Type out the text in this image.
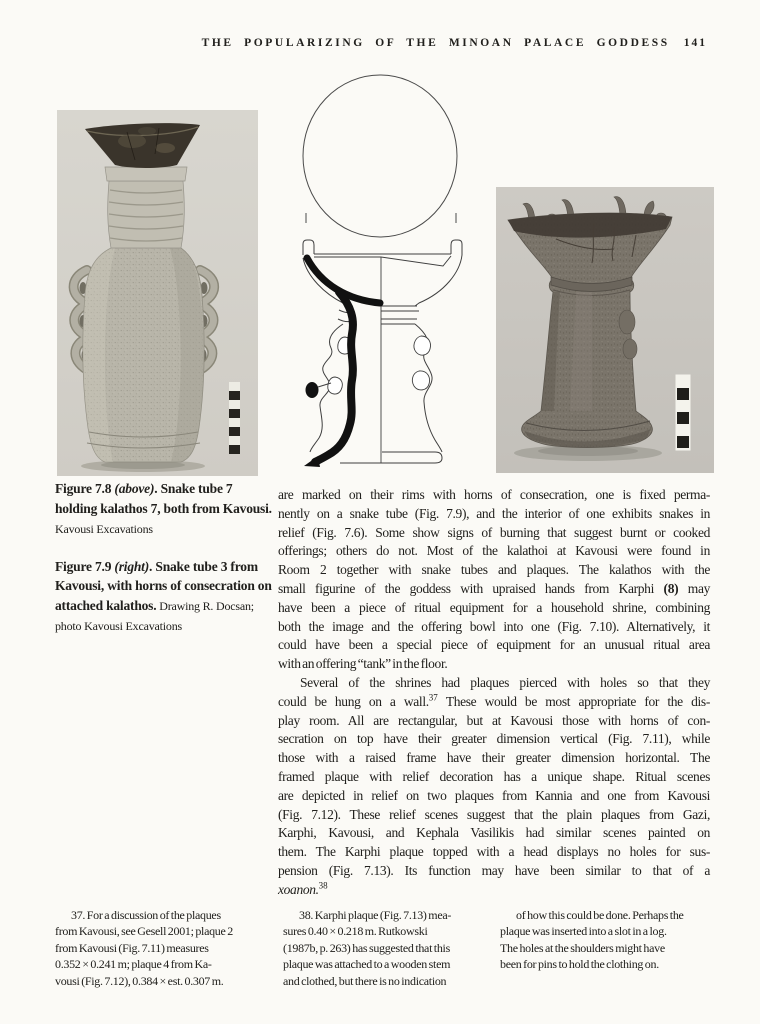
THE POPULARIZING OF THE MINOAN PALACE GODDESS 141

Figure 7.8 (above). Snake tube 7 holding kalathos 7, both from Kavousi. Kavousi Excavations

Figure 7.9 (right). Snake tube 3 from Kavousi, with horns of consecration on attached kalathos. Drawing R. Docsan; photo Kavousi Excavations

are marked on their rims with horns of consecration, one is fixed perma-
nently on a snake tube (Fig. 7.9), and the interior of one exhibits snakes in
relief (Fig. 7.6). Some show signs of burning that suggest burnt or cooked
offerings; others do not. Most of the kalathoi at Kavousi were found in
Room 2 together with snake tubes and plaques. The kalathos with the
small figurine of the goddess with upraised hands from Karphi (8) may
have been a piece of ritual equipment for a household shrine, combining
both the image and the offering bowl into one (Fig. 7.10). Alternatively, it
could have been a special piece of equipment for an unusual ritual area
with an offering “tank” in the floor.
Several of the shrines had plaques pierced with holes so that they
could be hung on a wall.$^{37}$ These would be most appropriate for the dis-
play room. All are rectangular, but at Kavousi those with horns of con-
secration on top have their greater dimension vertical (Fig. 7.11), while
those with a raised frame have their greater dimension horizontal. The
framed plaque with relief decoration has a unique shape. Ritual scenes
are depicted in relief on two plaques from Kannia and one from Kavousi
(Fig. 7.12). These relief scenes suggest that the plain plaques from Gazi,
Karphi, Kavousi, and Kephala Vasilikis had similar scenes painted on
them. The Karphi plaque topped with a head displays no holes for sus-
pension (Fig. 7.13). Its function may have been similar to that of a
xoanon.$^{38}$
37. For a discussion of the plaques
from Kavousi, see Gesell 2001; plaque 2
from Kavousi (Fig. 7.11) measures
0.352 × 0.241 m; plaque 4 from Ka-
vousi (Fig. 7.12), 0.384 × est. 0.307 m.
38. Karphi plaque (Fig. 7.13) mea-
sures 0.40 × 0.218 m. Rutkowski
(1987b, p. 263) has suggested that this
plaque was attached to a wooden stem
and clothed, but there is no indication
of how this could be done. Perhaps the
plaque was inserted into a slot in a log.
The holes at the shoulders might have
been for pins to hold the clothing on.
